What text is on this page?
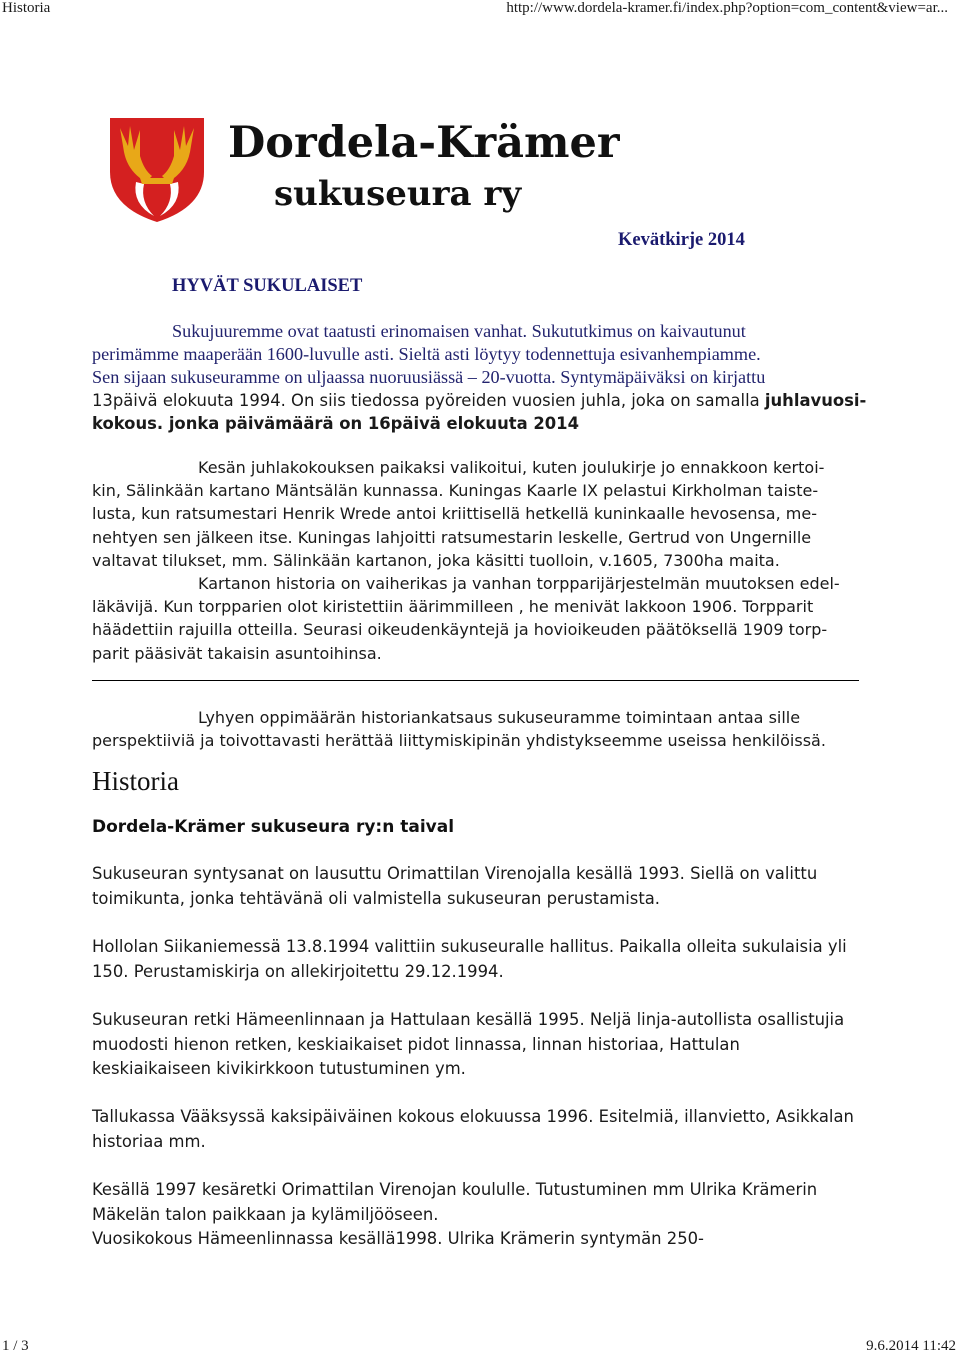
Historia	http://www.dordela-kramer.fi/index.php?option=com_content&view=ar...

Dordela-Krämer

sukuseura ry

Kevätkirje 2014

HYVÄT SUKULAISET

Sukujuuremme ovat taatusti erinomaisen vanhat. Sukututkimus on kaivautunut
perimämme maaperään 1600-luvulle asti. Sieltä asti löytyy todennettuja esivanhempiamme.
Sen sijaan sukuseuramme on uljaassa nuoruusiässä – 20-vuotta. Syntymäpäiväksi on kirjattu
13päivä elokuuta 1994. On siis tiedossa pyöreiden vuosien juhla, joka on samalla juhlavuosi-
kokous. jonka päivämäärä on 16päivä elokuuta 2014
Kesän juhlakokouksen paikaksi valikoitui, kuten joulukirje jo ennakkoon kertoi-
kin, Sälinkään kartano Mäntsälän kunnassa. Kuningas Kaarle IX pelastui Kirkholman taiste-
lusta, kun ratsumestari Henrik Wrede antoi kriittisellä hetkellä kuninkaalle hevosensa, me-
nehtyen sen jälkeen itse. Kuningas lahjoitti ratsumestarin leskelle, Gertrud von Ungernille
valtavat tilukset, mm. Sälinkään kartanon, joka käsitti tuolloin, v.1605, 7300ha maita.
Kartanon historia on vaiherikas ja vanhan torpparijärjestelmän muutoksen edel-
läkävijä. Kun torpparien olot kiristettiin äärimmilleen , he menivät lakkoon 1906. Torpparit
häädettiin rajuilla otteilla. Seurasi oikeudenkäyntejä ja hovioikeuden päätöksellä 1909 torp-
parit pääsivät takaisin asuntoihinsa.
Lyhyen oppimäärän historiankatsaus sukuseuramme toimintaan antaa sille
perspektiiviä ja toivottavasti herättää liittymiskipinän yhdistykseemme useissa henkilöissä.

Historia

Dordela-Krämer sukuseura ry:n taival

Sukuseuran syntysanat on lausuttu Orimattilan Virenojalla kesällä 1993. Siellä on valittu
toimikunta, jonka tehtävänä oli valmistella sukuseuran perustamista.
Hollolan Siikaniemessä 13.8.1994 valittiin sukuseuralle hallitus. Paikalla olleita sukulaisia yli
150. Perustamiskirja on allekirjoitettu 29.12.1994.
Sukuseuran retki Hämeenlinnaan ja Hattulaan kesällä 1995. Neljä linja-autollista osallistujia
muodosti hienon retken, keskiaikaiset pidot linnassa, linnan historiaa, Hattulan
keskiaikaiseen kivikirkkoon tutustuminen ym.
Tallukassa Vääksyssä kaksipäiväinen kokous elokuussa 1996. Esitelmiä, illanvietto, Asikkalan
historiaa mm.
Kesällä 1997 kesäretki Orimattilan Virenojan koululle. Tutustuminen mm Ulrika Krämerin
Mäkelän talon paikkaan ja kylämiljööseen.
Vuosikokous Hämeenlinnassa kesällä1998. Ulrika Krämerin syntymän 250-
1 / 3	9.6.2014 11:42
